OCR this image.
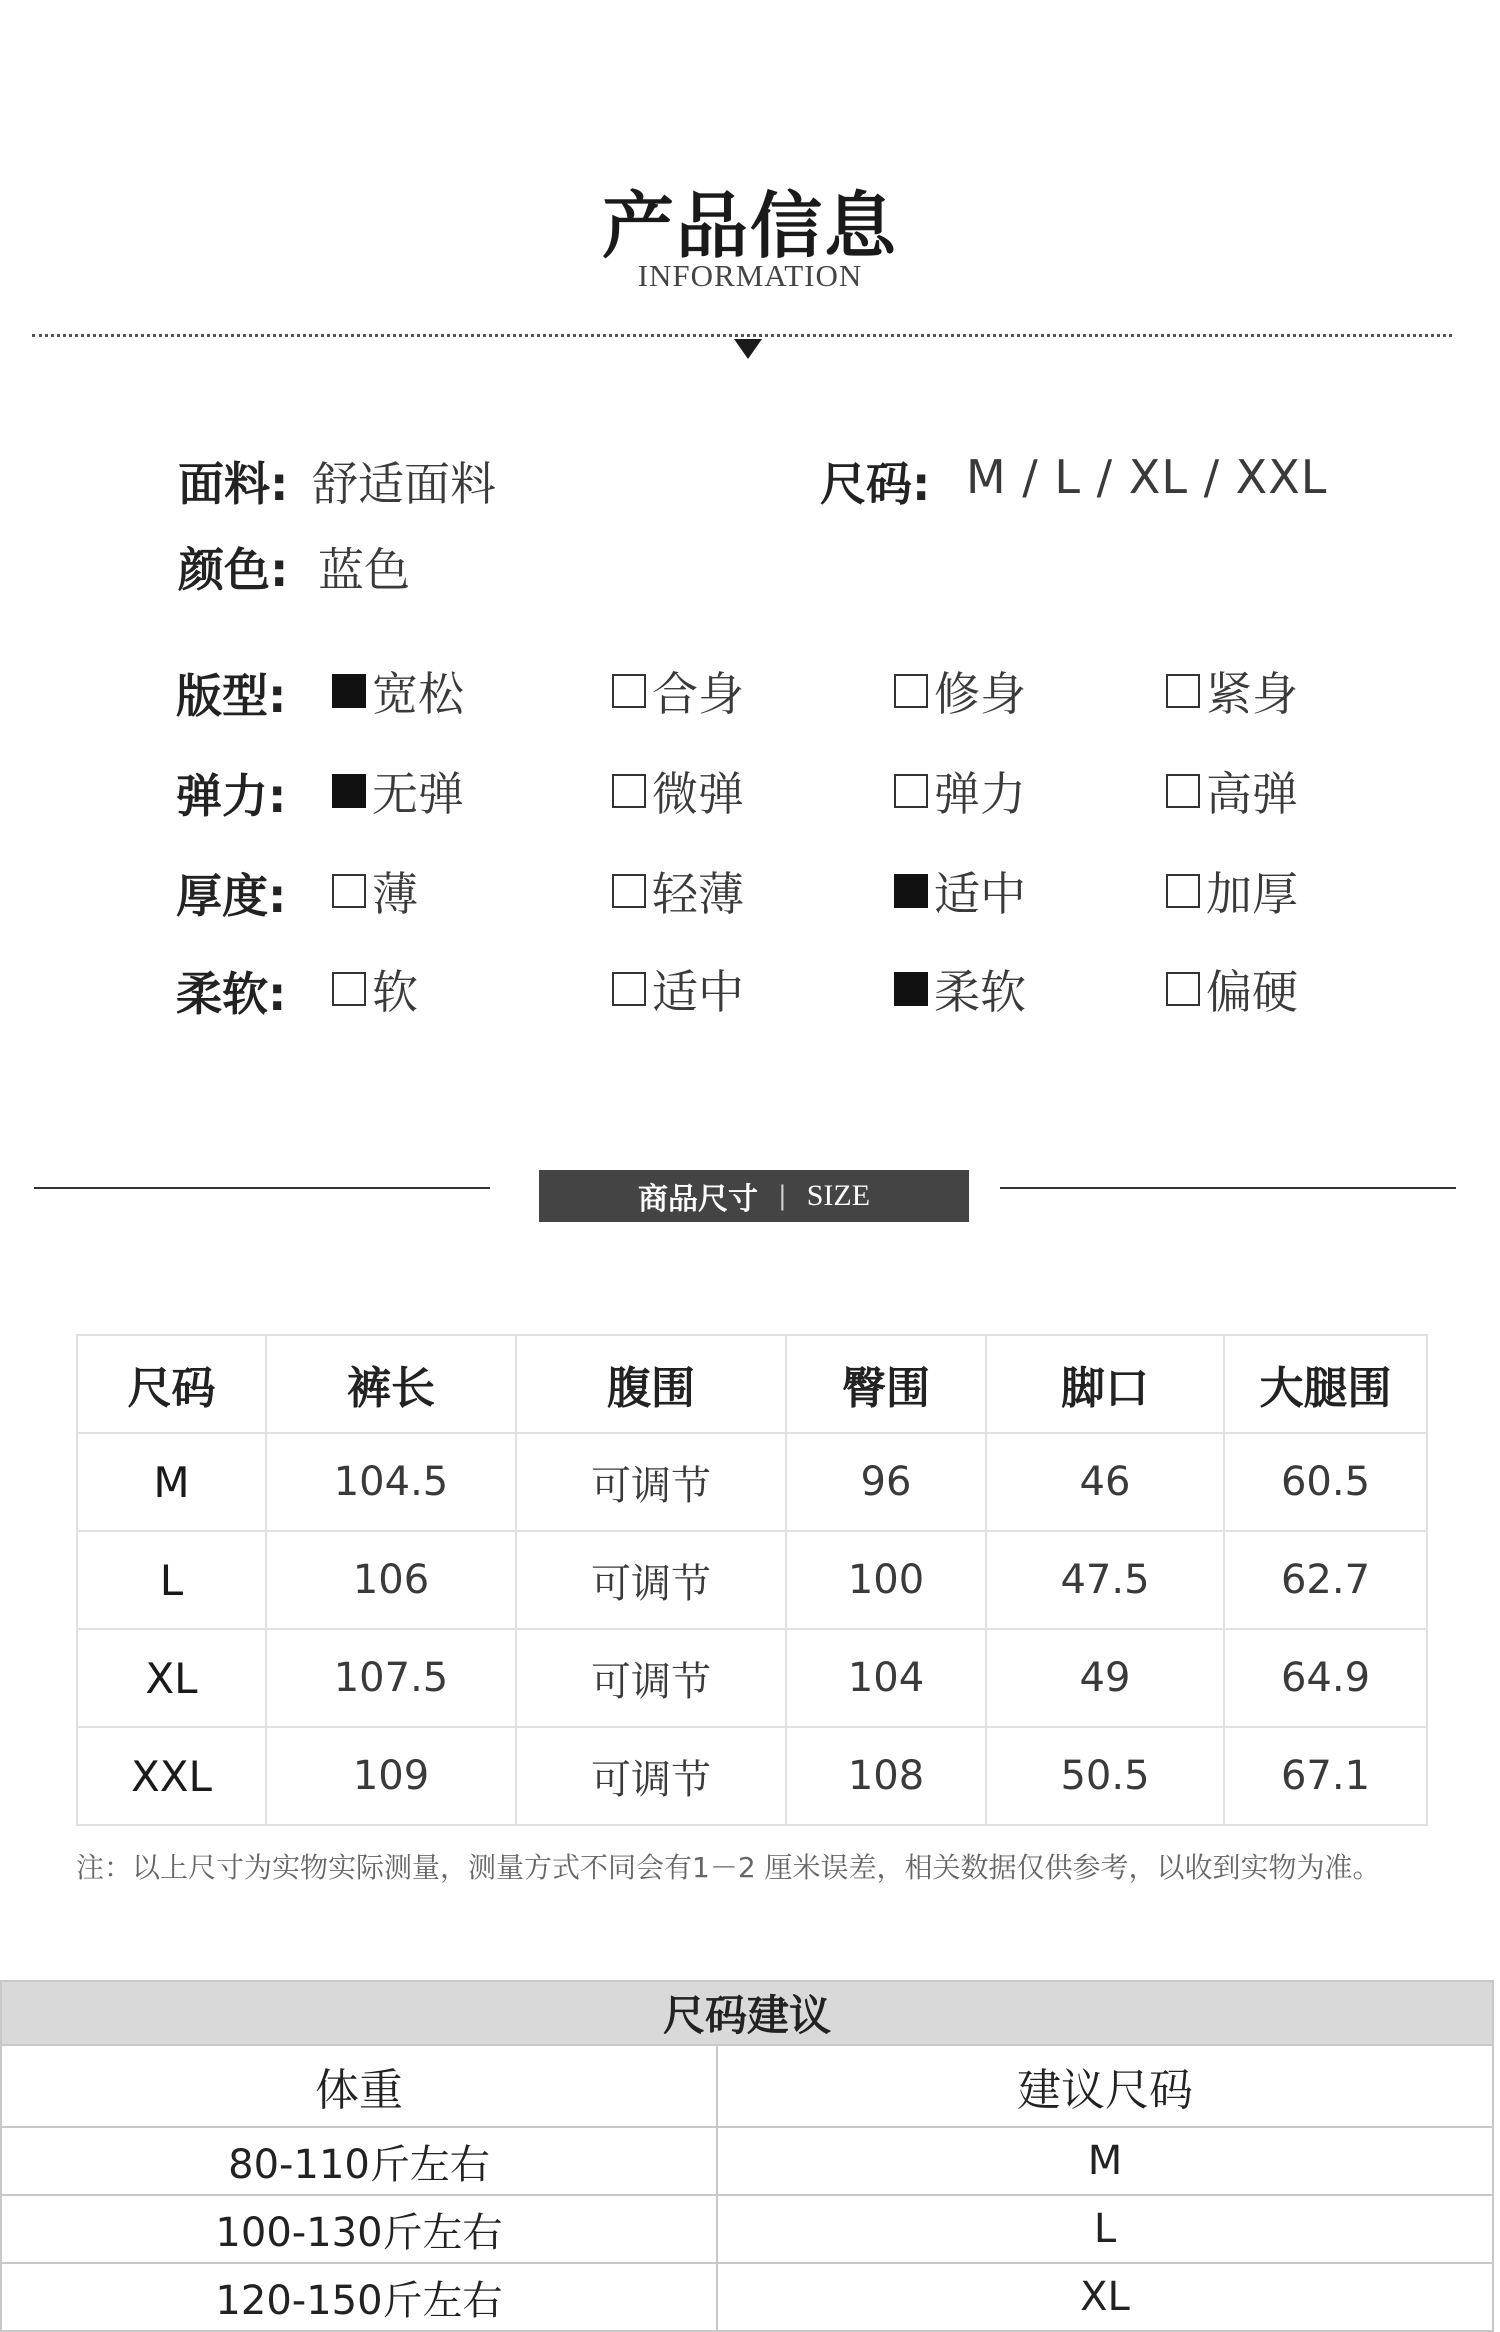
产品信息
INFORMATION
面料: 舒适面料	尺码: M / L / XL / XXL
颜色: 蓝色
版型: 宽松	合身	修身	紧身
弹力: 无弹	微弹	弹力	高弹
厚度: 薄	轻薄	适中	加厚
柔软: 软	适中	柔软	偏硬
商品尺寸 | SIZE
尺码	裤长	腹围	臀围	脚口	大腿围
M	104.5	可调节	96	46	60.5
L	106	可调节	100	47.5	62.7
XL	107.5	可调节	104	49	64.9
XXL	109	可调节	108	50.5	67.1
注：以上尺寸为实物实际测量，测量方式不同会有1－2 厘米误差，相关数据仅供参考，以收到实物为准。
尺码建议	
体重	建议尺码
80-110斤左右	M
100-130斤左右	L
120-150斤左右	XL
